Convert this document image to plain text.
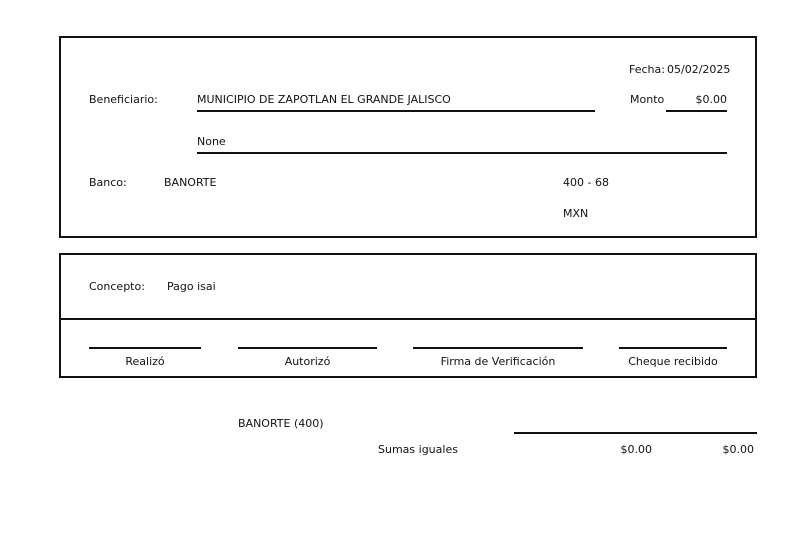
Fecha: 05/02/2025
Beneficiario:	MUNICIPIO DE ZAPOTLAN EL GRANDE JALISCO	Monto	$0.00
None
Banco:	BANORTE	400 - 68
MXN
Concepto: Pago isai
Realizó	Autorizó	Firma de Verificación	Cheque recibido
BANORTE (400)
Sumas iguales	$0.00	$0.00
